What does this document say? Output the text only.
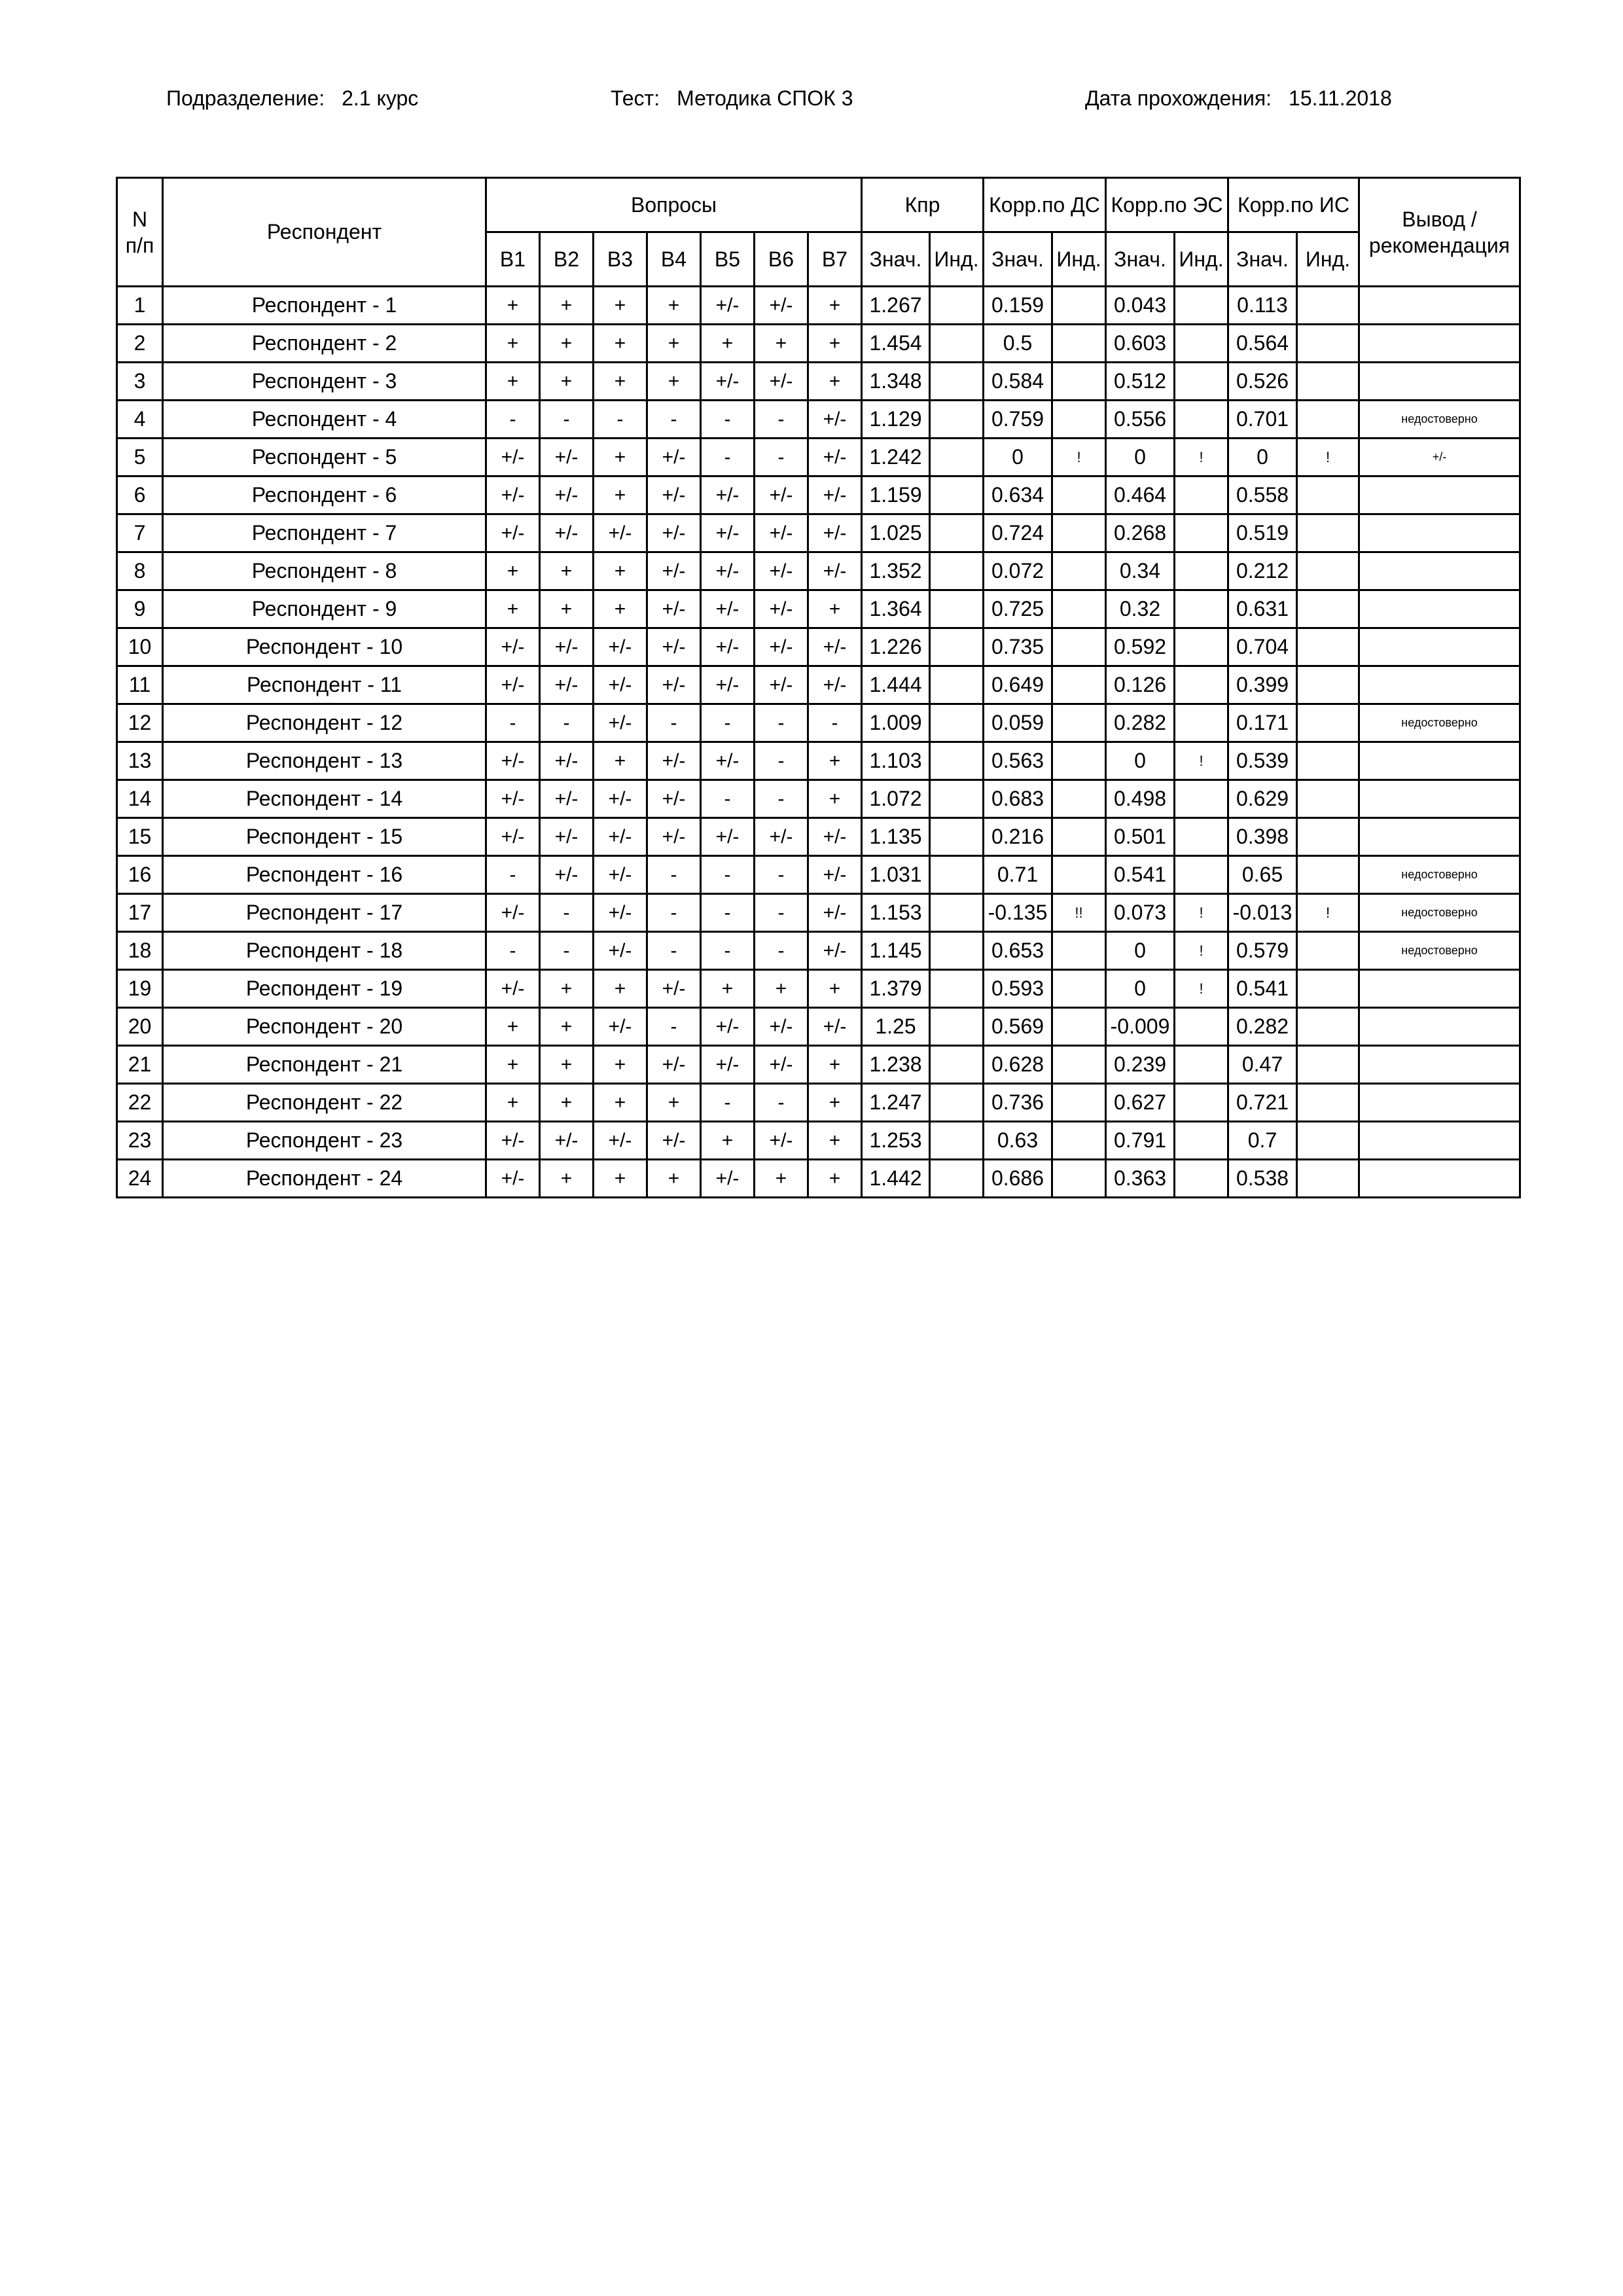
Подразделение: 2.1 курс	Тест: Методика СПОК 3	Дата прохождения: 15.11.2018
N
п/п	Респондент	Вопросы							Кпр		Корр.по ДС		Корр.по ЭС		Корр.по ИС		Вывод /
рекомендация
		В1	В2	В3	В4	В5	В6	В7	Знач.	Инд.	Знач.	Инд.	Знач.	Инд.	Знач.	Инд.	
1	Респондент - 1	+	+	+	+	+/-	+/-	+	1.267		0.159		0.043		0.113		
2	Респондент - 2	+	+	+	+	+	+	+	1.454		0.5		0.603		0.564		
3	Респондент - 3	+	+	+	+	+/-	+/-	+	1.348		0.584		0.512		0.526		
4	Респондент - 4	-	-	-	-	-	-	+/-	1.129		0.759		0.556		0.701		недостоверно
5	Респондент - 5	+/-	+/-	+	+/-	-	-	+/-	1.242		0	!	0	!	0	!	+/-
6	Респондент - 6	+/-	+/-	+	+/-	+/-	+/-	+/-	1.159		0.634		0.464		0.558		
7	Респондент - 7	+/-	+/-	+/-	+/-	+/-	+/-	+/-	1.025		0.724		0.268		0.519		
8	Респондент - 8	+	+	+	+/-	+/-	+/-	+/-	1.352		0.072		0.34		0.212		
9	Респондент - 9	+	+	+	+/-	+/-	+/-	+	1.364		0.725		0.32		0.631		
10	Респондент - 10	+/-	+/-	+/-	+/-	+/-	+/-	+/-	1.226		0.735		0.592		0.704		
11	Респондент - 11	+/-	+/-	+/-	+/-	+/-	+/-	+/-	1.444		0.649		0.126		0.399		
12	Респондент - 12	-	-	+/-	-	-	-	-	1.009		0.059		0.282		0.171		недостоверно
13	Респондент - 13	+/-	+/-	+	+/-	+/-	-	+	1.103		0.563		0	!	0.539		
14	Респондент - 14	+/-	+/-	+/-	+/-	-	-	+	1.072		0.683		0.498		0.629		
15	Респондент - 15	+/-	+/-	+/-	+/-	+/-	+/-	+/-	1.135		0.216		0.501		0.398		
16	Респондент - 16	-	+/-	+/-	-	-	-	+/-	1.031		0.71		0.541		0.65		недостоверно
17	Респондент - 17	+/-	-	+/-	-	-	-	+/-	1.153		-0.135	!!	0.073	!	-0.013	!	недостоверно
18	Респондент - 18	-	-	+/-	-	-	-	+/-	1.145		0.653		0	!	0.579		недостоверно
19	Респондент - 19	+/-	+	+	+/-	+	+	+	1.379		0.593		0	!	0.541		
20	Респондент - 20	+	+	+/-	-	+/-	+/-	+/-	1.25		0.569		-0.009		0.282		
21	Респондент - 21	+	+	+	+/-	+/-	+/-	+	1.238		0.628		0.239		0.47		
22	Респондент - 22	+	+	+	+	-	-	+	1.247		0.736		0.627		0.721		
23	Респондент - 23	+/-	+/-	+/-	+/-	+	+/-	+	1.253		0.63		0.791		0.7		
24	Респондент - 24	+/-	+	+	+	+/-	+	+	1.442		0.686		0.363		0.538		
